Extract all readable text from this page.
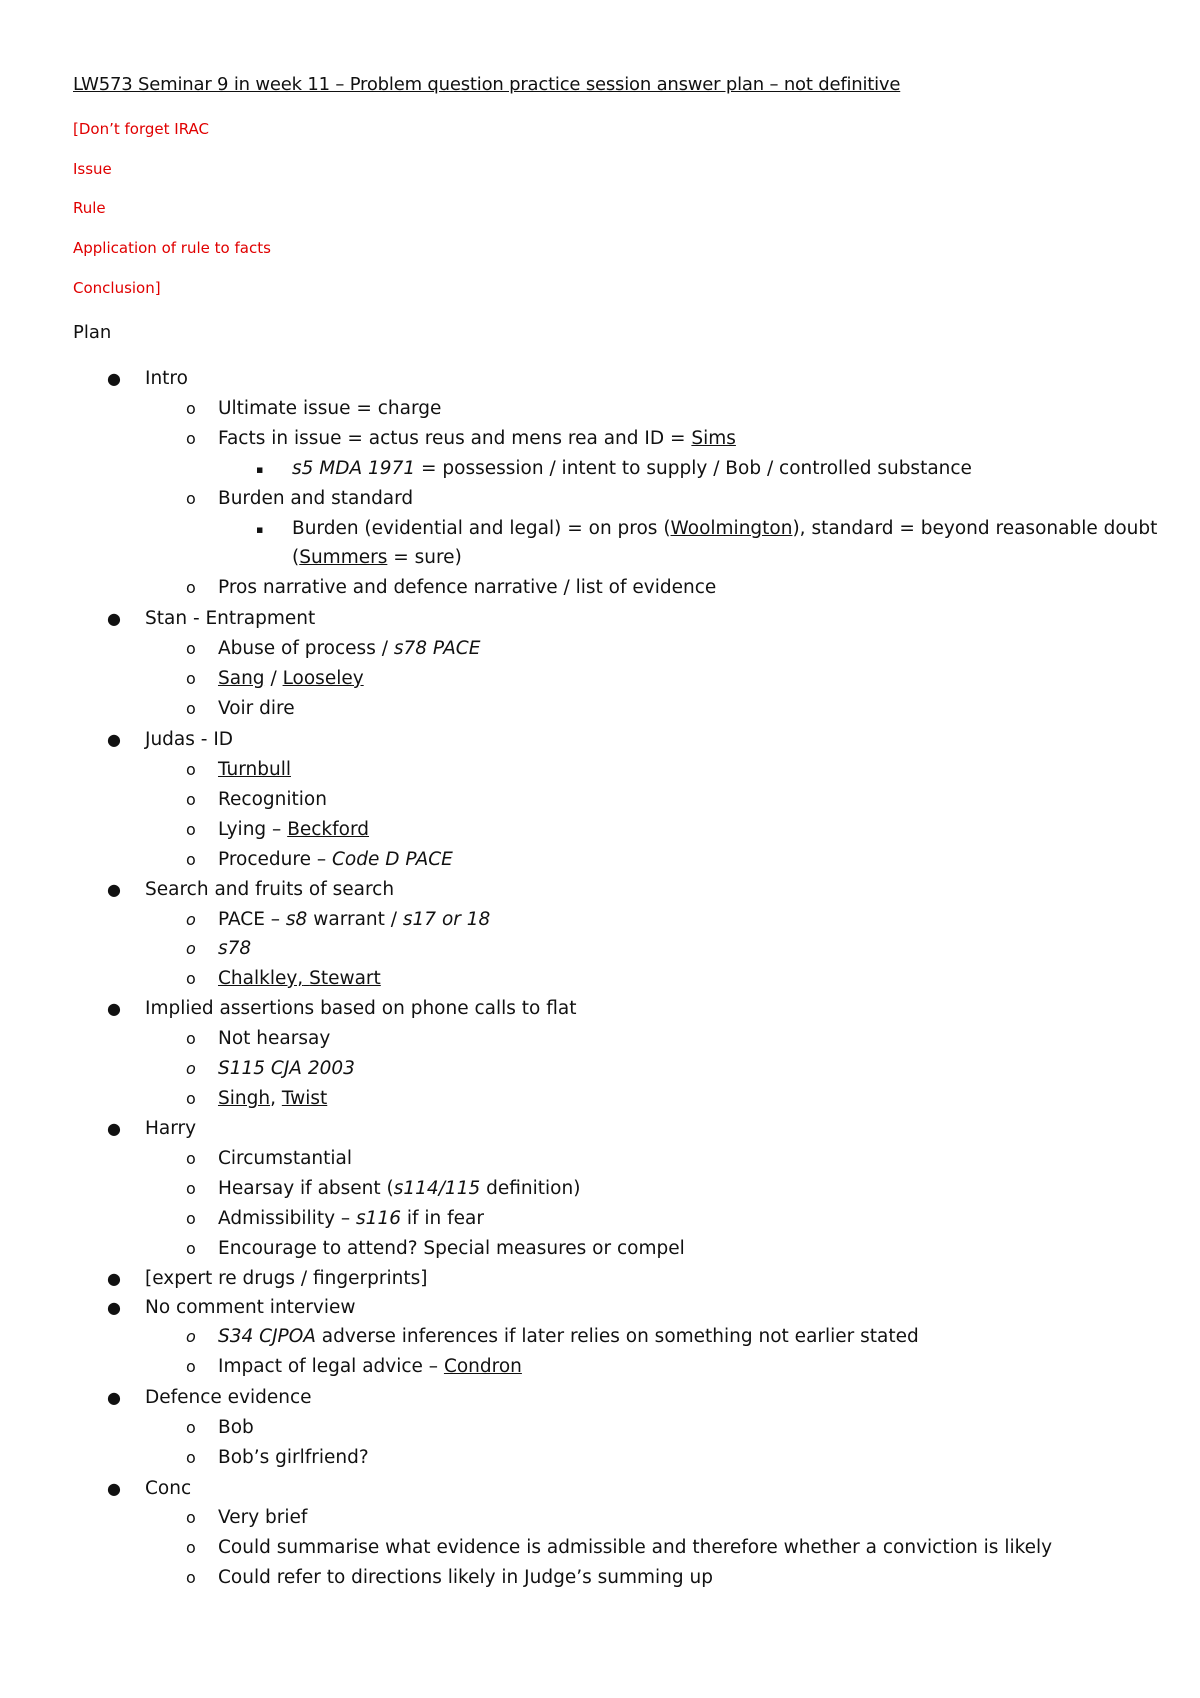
LW573 Seminar 9 in week 11 – Problem question practice session answer plan – not definitive
[Don’t forget IRAC
Issue
Rule
Application of rule to facts
Conclusion]
Plan
● Intro
o Ultimate issue = charge
o Facts in issue = actus reus and mens rea and ID = Sims
▪ s5 MDA 1971 = possession / intent to supply / Bob / controlled substance
o Burden and standard
▪ Burden (evidential and legal) = on pros (Woolmington), standard = beyond reasonable doubt
(Summers = sure)
o Pros narrative and defence narrative / list of evidence
● Stan - Entrapment
o Abuse of process / s78 PACE
o Sang / Looseley
o Voir dire
● Judas - ID
o Turnbull
o Recognition
o Lying – Beckford
o Procedure – Code D PACE
● Search and fruits of search
o PACE – s8 warrant / s17 or 18
o s78
o Chalkley, Stewart
● Implied assertions based on phone calls to flat
o Not hearsay
o S115 CJA 2003
o Singh, Twist
● Harry
o Circumstantial
o Hearsay if absent (s114/115 definition)
o Admissibility – s116 if in fear
o Encourage to attend? Special measures or compel
● [expert re drugs / fingerprints]
● No comment interview
o S34 CJPOA adverse inferences if later relies on something not earlier stated
o Impact of legal advice – Condron
● Defence evidence
o Bob
o Bob’s girlfriend?
● Conc
o Very brief
o Could summarise what evidence is admissible and therefore whether a conviction is likely
o Could refer to directions likely in Judge’s summing up
